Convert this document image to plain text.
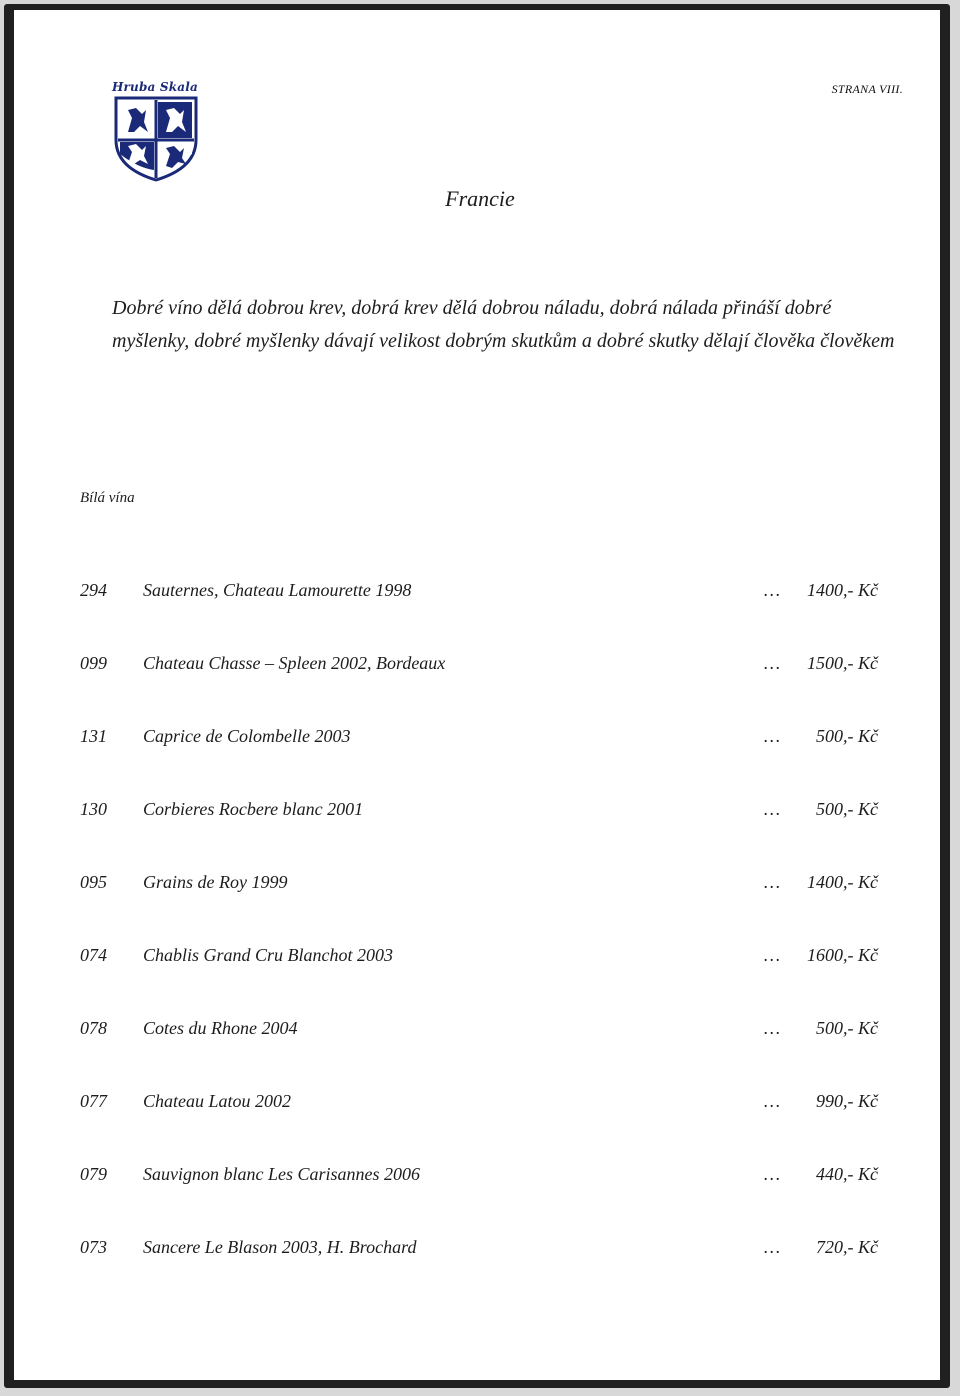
STRANA VIII.
Hruba Skala
Francie
Dobré víno dělá dobrou krev, dobrá krev dělá dobrou náladu, dobrá nálada přináší dobré myšlenky, dobré myšlenky dávají velikost dobrým skutkům a dobré skutky dělají člověka člověkem
Bílá vína
294 Sauternes, Chateau Lamourette 1998	… 1400,- Kč
099 Chateau Chasse – Spleen 2002, Bordeaux	… 1500,- Kč
131 Caprice de Colombelle 2003	… 500,- Kč
130 Corbieres Rocbere blanc 2001	… 500,- Kč
095 Grains de Roy 1999	… 1400,- Kč
074 Chablis Grand Cru Blanchot 2003	… 1600,- Kč
078 Cotes du Rhone 2004	… 500,- Kč
077 Chateau Latou 2002	… 990,- Kč
079 Sauvignon blanc Les Carisannes 2006	… 440,- Kč
073 Sancere Le Blason 2003, H. Brochard	… 720,- Kč
